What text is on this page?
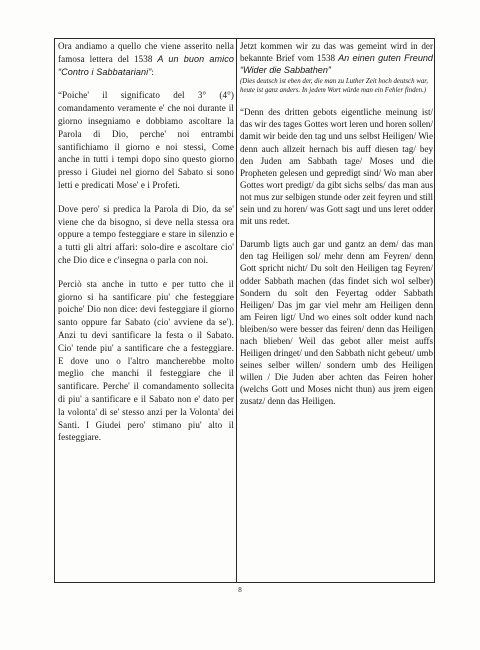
Ora andiamo a quello che viene asserito nella famosa lettera del 1538 A un buon amico “Contro i Sabbatariani”:

“Poiche' il significato del 3° (4°) comandamento veramente e' che noi durante il giorno insegniamo e dobbiamo ascoltare la Parola di Dio, perche' noi entrambi santifichiamo il giorno e noi stessi, Come anche in tutti i tempi dopo sino questo giorno presso i Giudei nel giorno del Sabato si sono letti e predicati Mose' e i Profeti.

Dove pero' si predica la Parola di Dio, da se' viene che da bisogno, si deve nella stessa ora oppure a tempo festeggiare e stare in silenzio e a tutti gli altri affari: solo-dire e ascoltare cio' che Dio dice e c'insegna o parla con noi.

Perciò sta anche in tutto e per tutto che il giorno si ha santificare piu' che festeggiare poiche' Dio non dice: devi festeggiare il giorno santo oppure far Sabato (cio' avviene da se'). Anzi tu devi santificare la festa o il Sabato. Cio' tende piu' a santificare che a festeggiare. E dove uno o l'altro mancherebbe molto meglio che manchi il festeggiare che il santificare. Perche' il comandamento sollecita di piu' a santificare e il Sabato non e' dato per la volonta' di se' stesso anzi per la Volonta' dei Santi. I Giudei pero' stimano piu' alto il festeggiare.

Jetzt kommen wir zu das was gemeint wird in der bekannte Brief vom 1538 An einen guten Freund “Wider die Sabbathen”

(Dies deutsch ist eben der, die man zu Luther Zeit hoch deutsch war, heute ist ganz anders. In jedem Wort würde man ein Fehler finden.)

“Denn des dritten gebots eigentliche meinung ist/ das wir des tages Gottes wort leren und horen sollen/ damit wir beide den tag und uns selbst Heiligen/ Wie denn auch allzeit hernach bis auff diesen tag/ bey den Juden am Sabbath tage/ Moses und die Propheten gelesen und gepredigt sind/ Wo man aber Gottes wort predigt/ da gibt sichs selbs/ das man aus not mus zur selbigen stunde oder zeit feyren und still sein und zu horen/ was Gott sagt und uns leret odder mit uns redet.

Darumb ligts auch gar und gantz an dem/ das man den tag Heiligen sol/ mehr denn am Feyren/ denn Gott spricht nicht/ Du solt den Heiligen tag Feyren/ odder Sabbath machen (das findet sich wol selber) Sondern du solt den Feyertag odder Sabbath Heiligen/ Das jm gar viel mehr am Heiligen denn am Feiren ligt/ Und wo eines solt odder kund nach bleiben/so were besser das feiren/ denn das Heiligen nach blieben/ Weil das gebot aller meist auffs Heiligen dringet/ und den Sabbath nicht gebeut/ umb seines selber willen/ sondern umb des Heiligen willen / Die Juden aber achten das Feiren hoher (welchs Gott und Moses nicht thun) aus jrem eigen zusatz/ denn das Heiligen.

8
